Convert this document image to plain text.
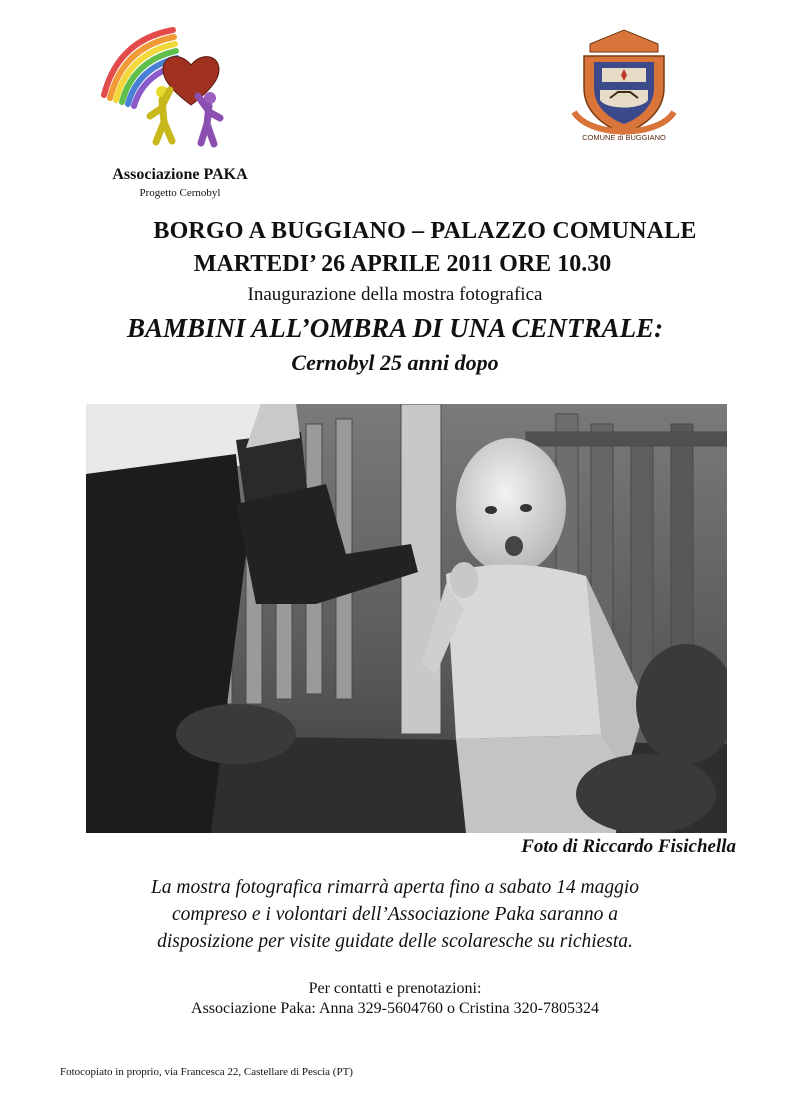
Associazione PAKA
Progetto Cernobyl
COMUNE di BUGGIANO
BORGO A BUGGIANO – PALAZZO COMUNALE
MARTEDI’ 26 APRILE 2011 ORE 10.30
Inaugurazione della mostra fotografica
BAMBINI ALL’OMBRA DI UNA CENTRALE:
Cernobyl 25 anni dopo
Foto di Riccardo Fisichella
La mostra fotografica rimarrà aperta fino a sabato 14 maggio
compreso e i volontari dell’Associazione Paka saranno a
disposizione per visite guidate delle scolaresche su richiesta.
Per contatti e prenotazioni:
Associazione Paka: Anna 329-5604760 o Cristina 320-7805324
Fotocopiato in proprio, via Francesca 22, Castellare di Pescia (PT)
